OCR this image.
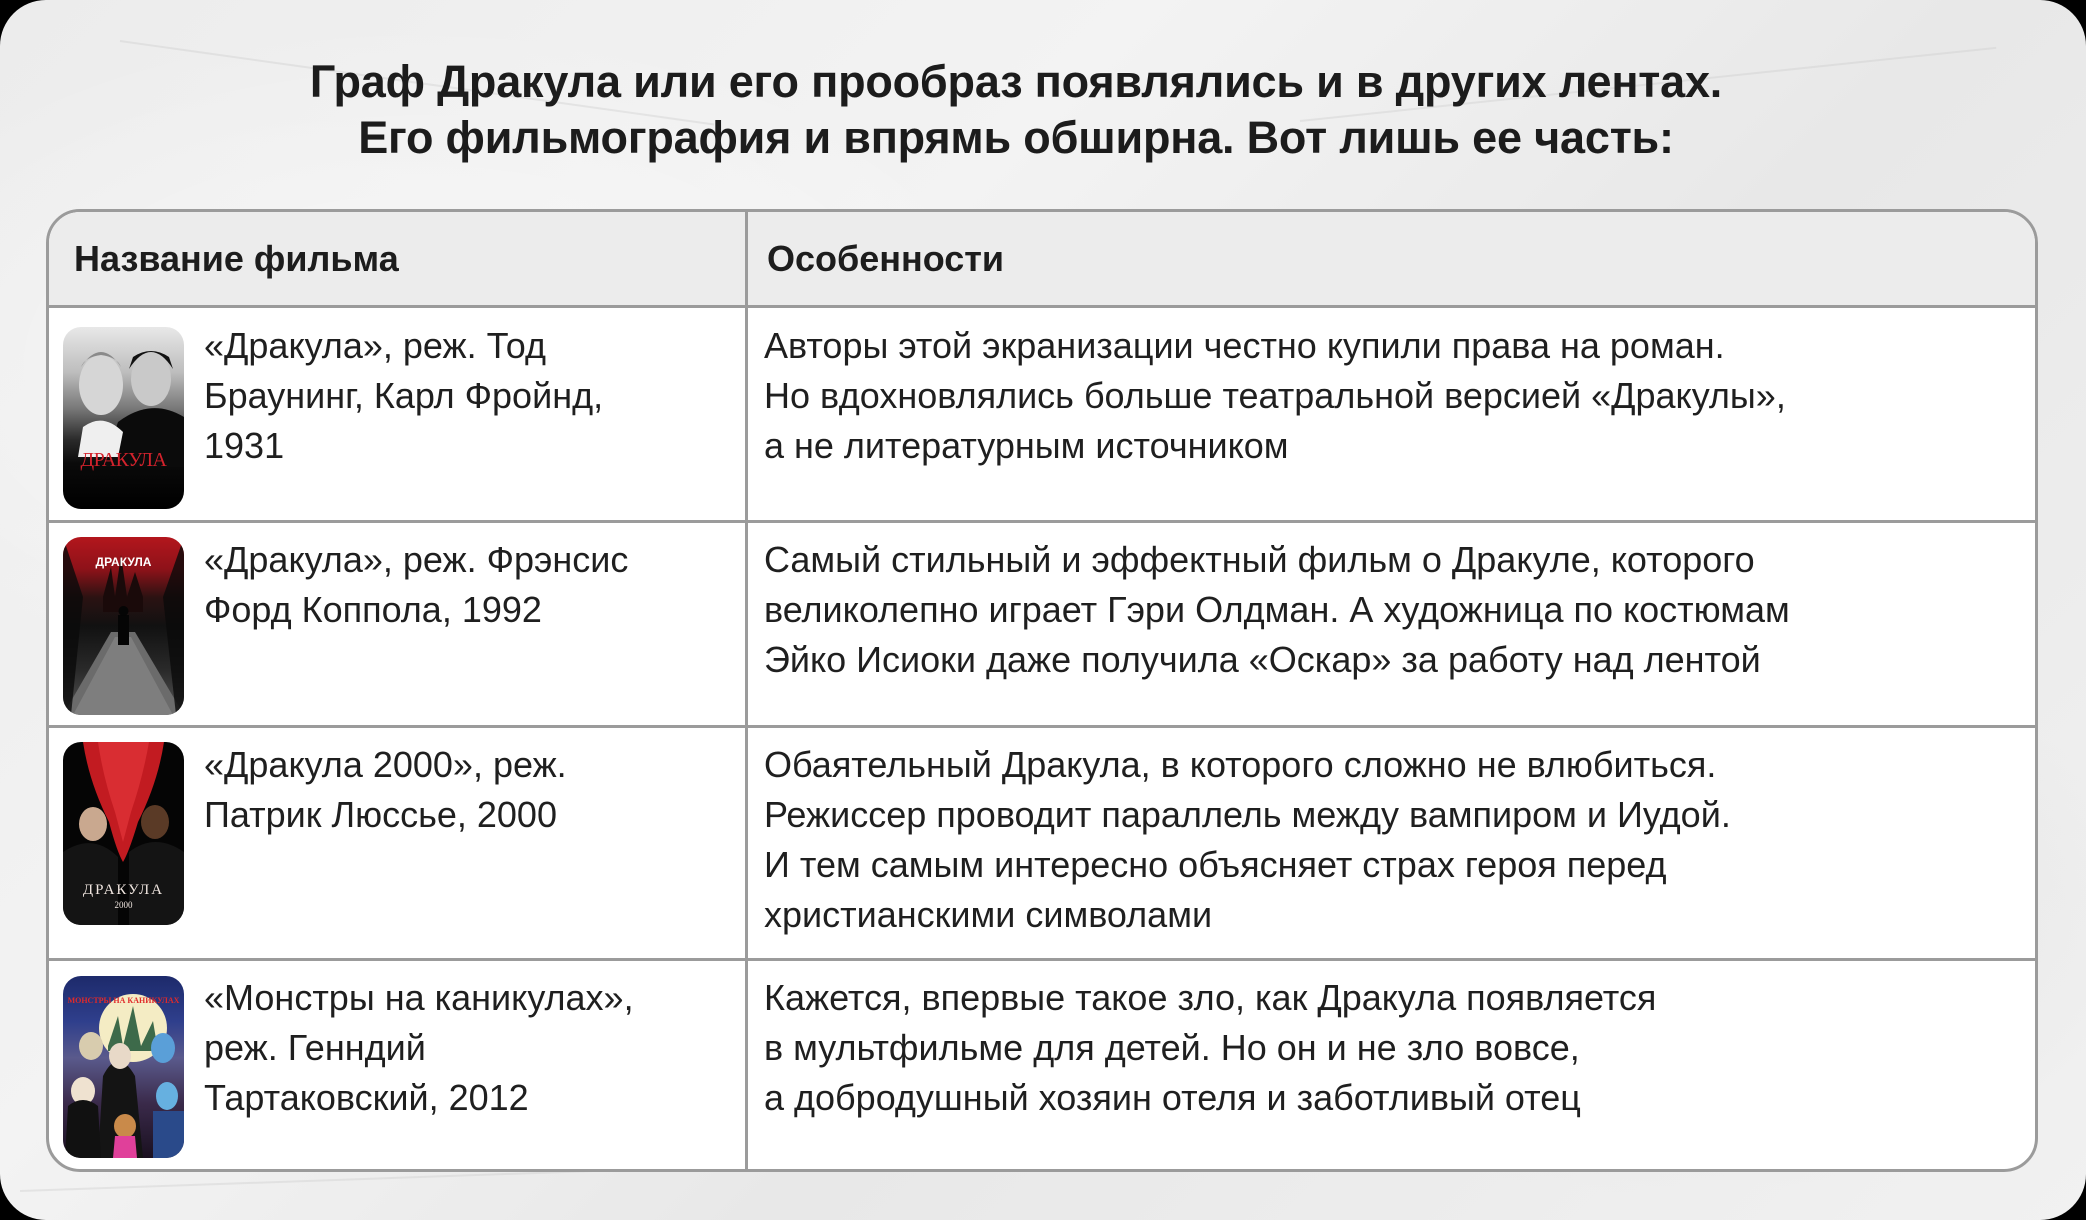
Граф Дракула или его прообраз появлялись и в других лентах.
Его фильмография и впрямь обширна. Вот лишь ее часть:
Название фильма	Особенности
ДРАКУЛА
«Дракула», реж. Тод
Браунинг, Карл Фройнд,
1931
Авторы этой экранизации честно купили права на роман.
Но вдохновлялись больше театральной версией «Дракулы»,
а не литературным источником
ДРАКУЛА	«Дракула», реж. Фрэнсис
Форд Коппола, 1992
Самый стильный и эффектный фильм о Дракуле, которого
великолепно играет Гэри Олдман. А художница по костюмам
Эйко Исиоки даже получила «Оскар» за работу над лентой
ДРАКУЛА
2000
«Дракула 2000», реж.
Патрик Люссье, 2000
Обаятельный Дракула, в которого сложно не влюбиться.
Режиссер проводит параллель между вампиром и Иудой.
И тем самым интересно объясняет страх героя перед
христианскими символами
МОНСТРЫ НА КАНИКУЛАХ «Монстры на каникулах»,
реж. Генндий
Тартаковский, 2012
Кажется, впервые такое зло, как Дракула появляется
в мультфильме для детей. Но он и не зло вовсе,
а добродушный хозяин отеля и заботливый отец
